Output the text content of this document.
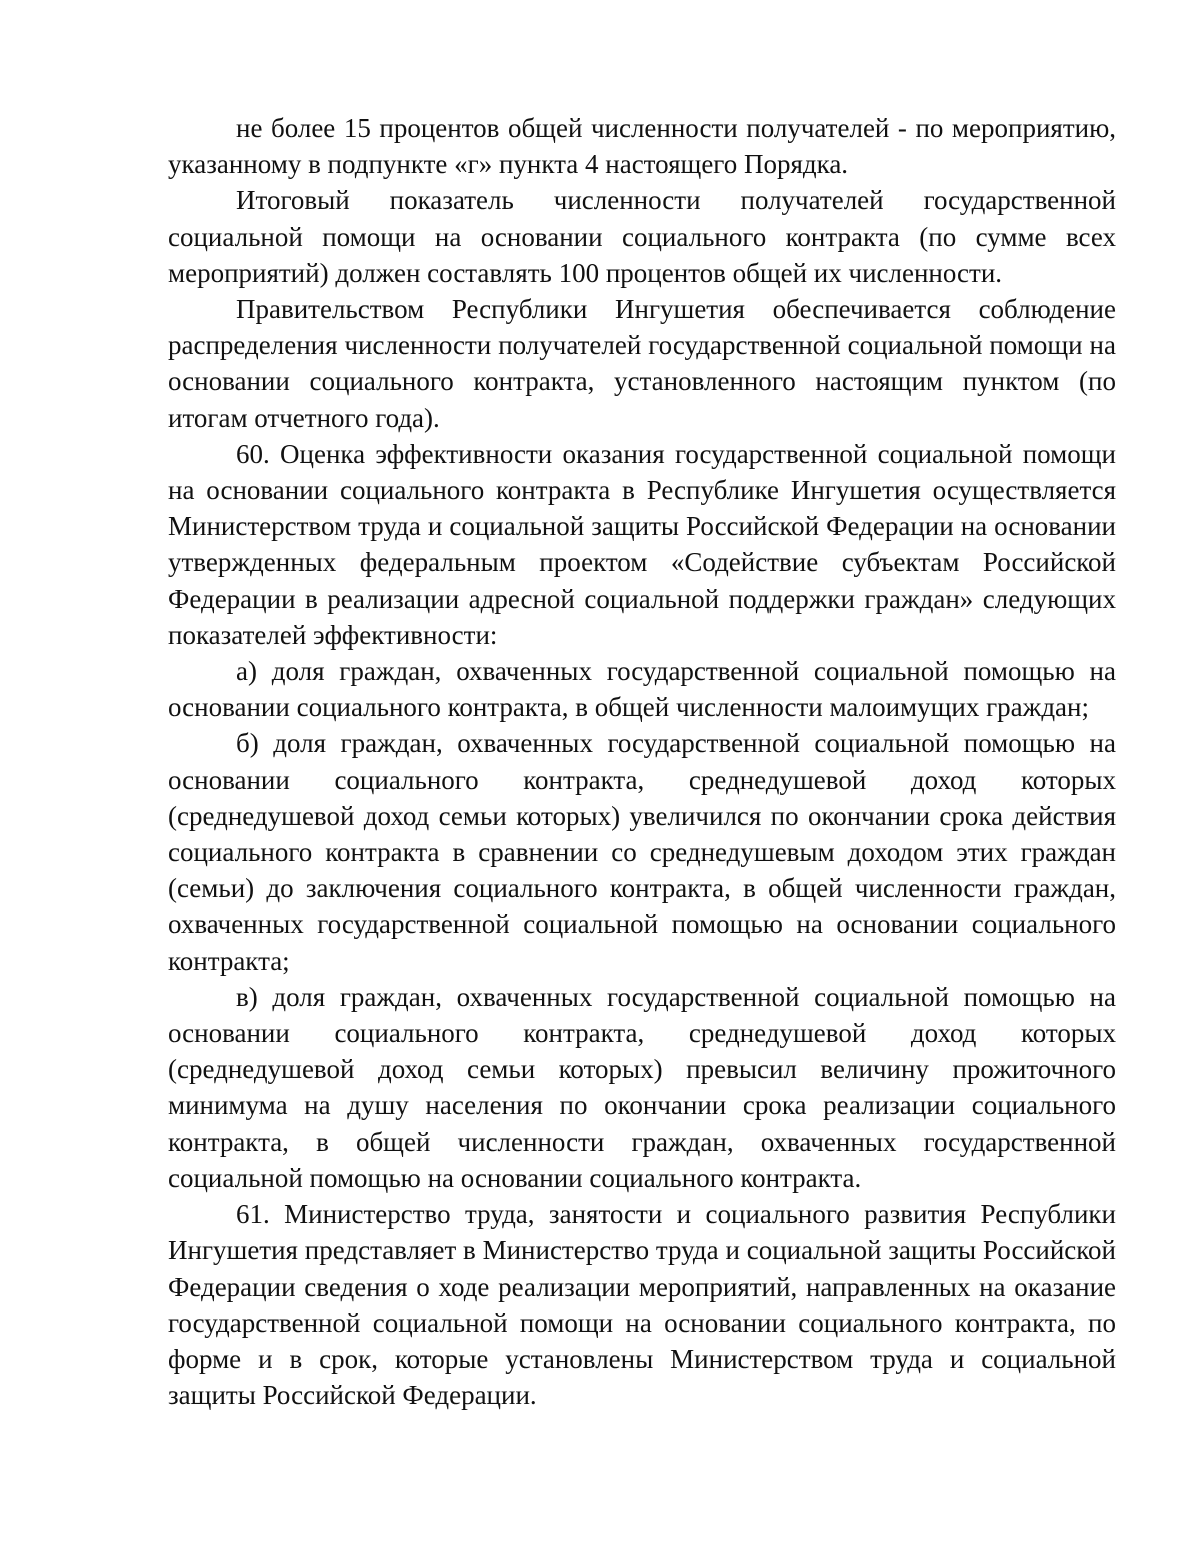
не более 15 процентов общей численности получателей - по мероприятию, указанному в подпункте «г» пункта 4 настоящего Порядка.

Итоговый показатель численности получателей государственной социальной помощи на основании социального контракта (по сумме всех мероприятий) должен составлять 100 процентов общей их численности.

Правительством Республики Ингушетия обеспечивается соблюдение распределения численности получателей государственной социальной помощи на основании социального контракта, установленного настоящим пунктом (по итогам отчетного года).

60. Оценка эффективности оказания государственной социальной помощи на основании социального контракта в Республике Ингушетия осуществляется Министерством труда и социальной защиты Российской Федерации на основании утвержденных федеральным проектом «Содействие субъектам Российской Федерации в реализации адресной социальной поддержки граждан» следующих показателей эффективности:

а) доля граждан, охваченных государственной социальной помощью на основании социального контракта, в общей численности малоимущих граждан;

б) доля граждан, охваченных государственной социальной помощью на основании социального контракта, среднедушевой доход которых (среднедушевой доход семьи которых) увеличился по окончании срока действия социального контракта в сравнении со среднедушевым доходом этих граждан (семьи) до заключения социального контракта, в общей численности граждан, охваченных государственной социальной помощью на основании социального контракта;

в) доля граждан, охваченных государственной социальной помощью на основании социального контракта, среднедушевой доход которых (среднедушевой доход семьи которых) превысил величину прожиточного минимума на душу населения по окончании срока реализации социального контракта, в общей численности граждан, охваченных государственной социальной помощью на основании социального контракта.

61. Министерство труда, занятости и социального развития Республики Ингушетия представляет в Министерство труда и социальной защиты Российской Федерации сведения о ходе реализации мероприятий, направленных на оказание государственной социальной помощи на основании социального контракта, по форме и в срок, которые установлены Министерством труда и социальной защиты Российской Федерации.
